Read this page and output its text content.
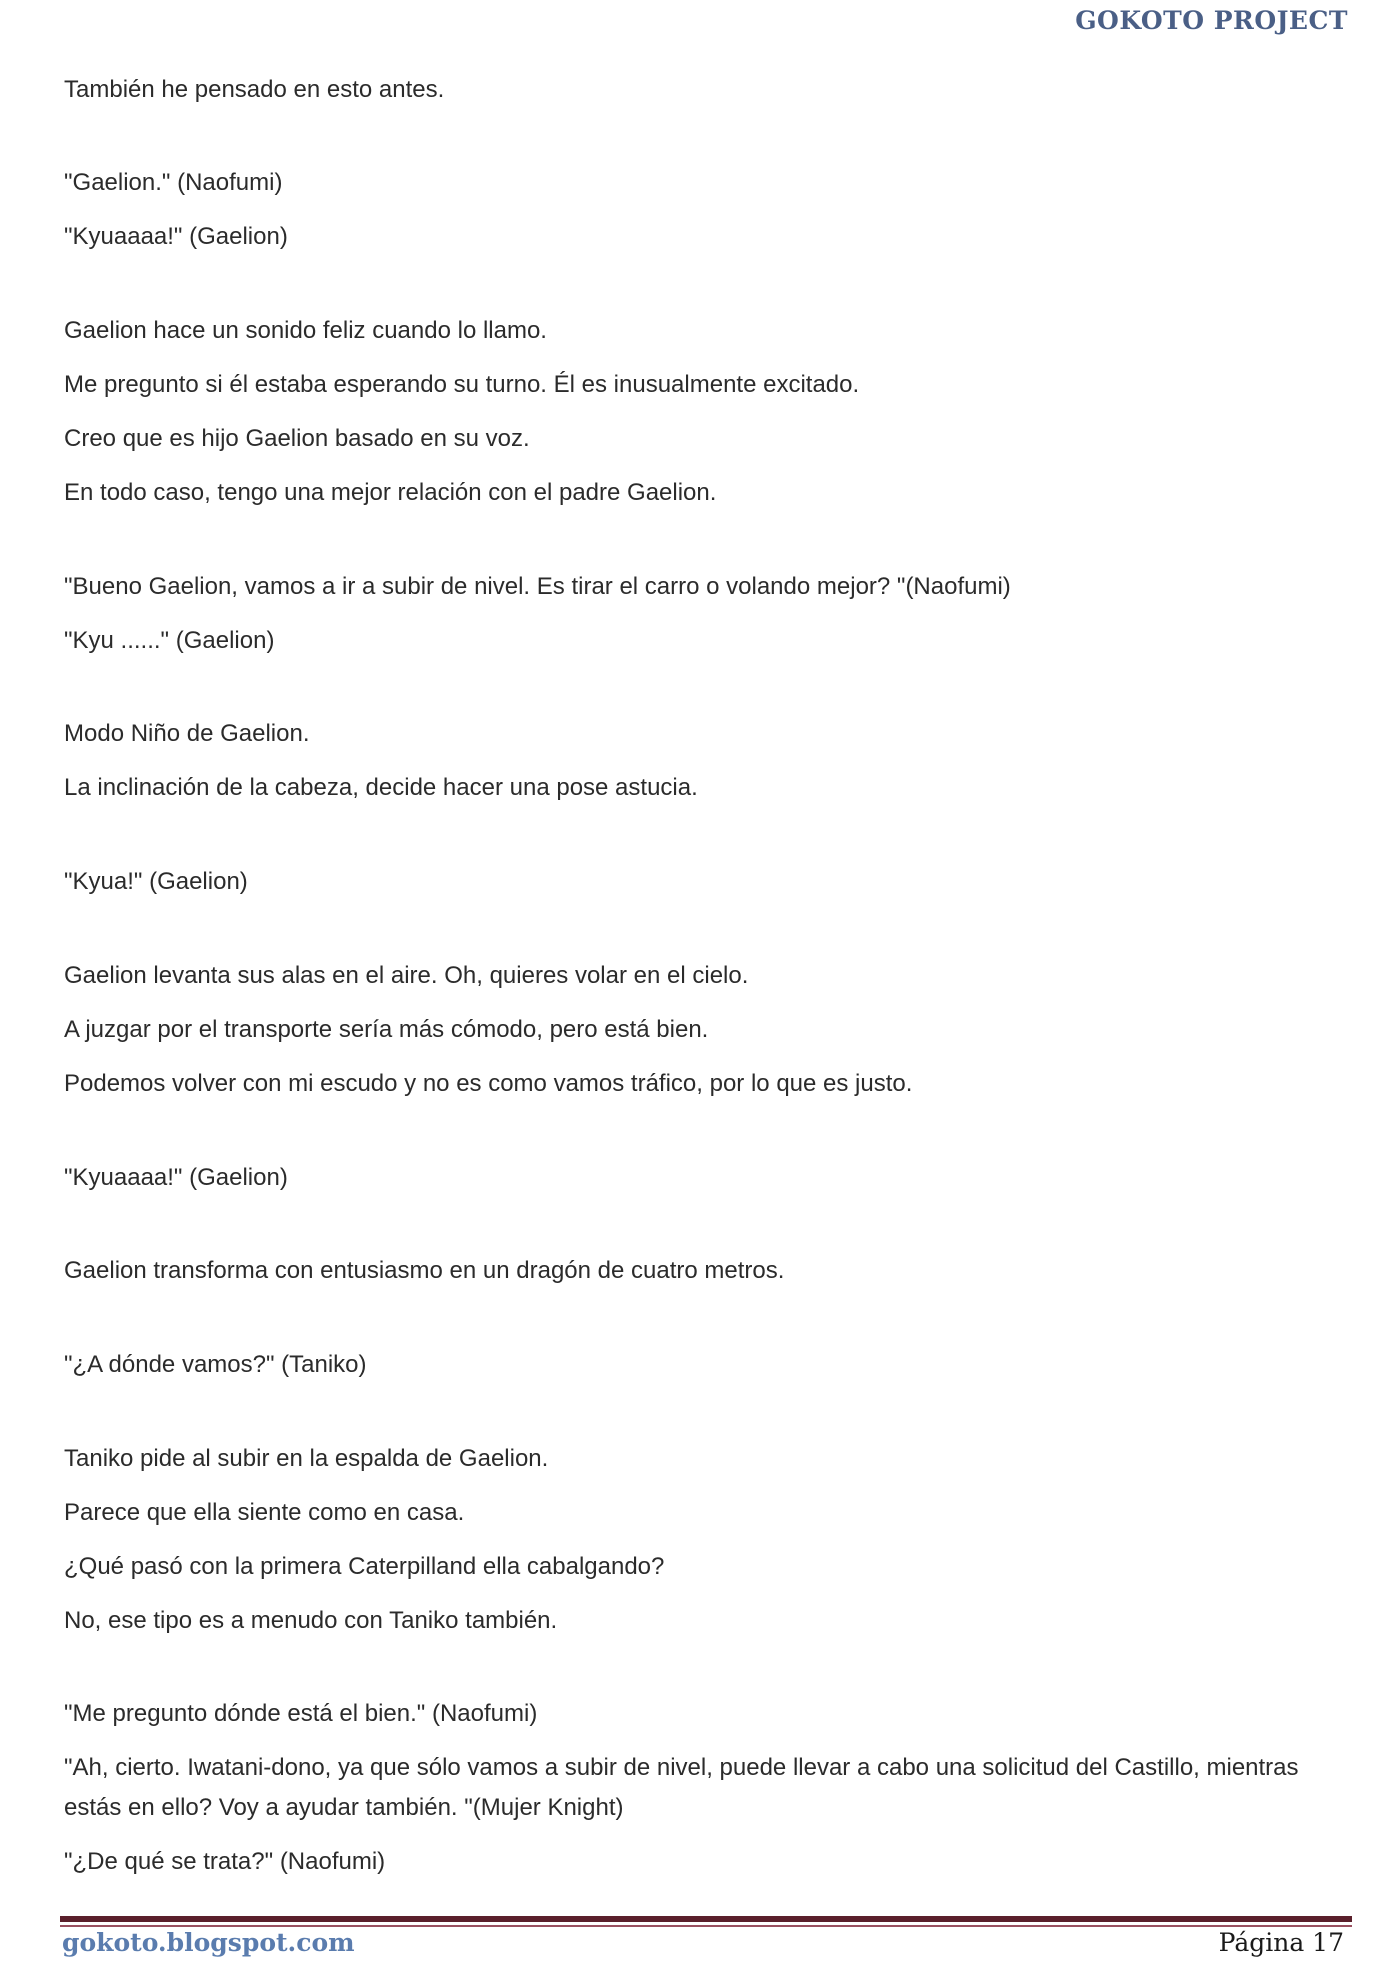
GOKOTO PROJECT
También he pensado en esto antes.
"Gaelion." (Naofumi)
"Kyuaaaa!" (Gaelion)
Gaelion hace un sonido feliz cuando lo llamo.
Me pregunto si él estaba esperando su turno. Él es inusualmente excitado.
Creo que es hijo Gaelion basado en su voz.
En todo caso, tengo una mejor relación con el padre Gaelion.
"Bueno Gaelion, vamos a ir a subir de nivel. Es tirar el carro o volando mejor? "(Naofumi)
"Kyu ......" (Gaelion)
Modo Niño de Gaelion.
La inclinación de la cabeza, decide hacer una pose astucia.
"Kyua!" (Gaelion)
Gaelion levanta sus alas en el aire. Oh, quieres volar en el cielo.
A juzgar por el transporte sería más cómodo, pero está bien.
Podemos volver con mi escudo y no es como vamos tráfico, por lo que es justo.
"Kyuaaaa!" (Gaelion)
Gaelion transforma con entusiasmo en un dragón de cuatro metros.
"¿A dónde vamos?" (Taniko)
Taniko pide al subir en la espalda de Gaelion.
Parece que ella siente como en casa.
¿Qué pasó con la primera Caterpilland ella cabalgando?
No, ese tipo es a menudo con Taniko también.
"Me pregunto dónde está el bien." (Naofumi)
"Ah, cierto. Iwatani-dono, ya que sólo vamos a subir de nivel, puede llevar a cabo una solicitud del Castillo, mientras
estás en ello? Voy a ayudar también. "(Mujer Knight)
"¿De qué se trata?" (Naofumi)
gokoto.blogspot.com	Página 17
